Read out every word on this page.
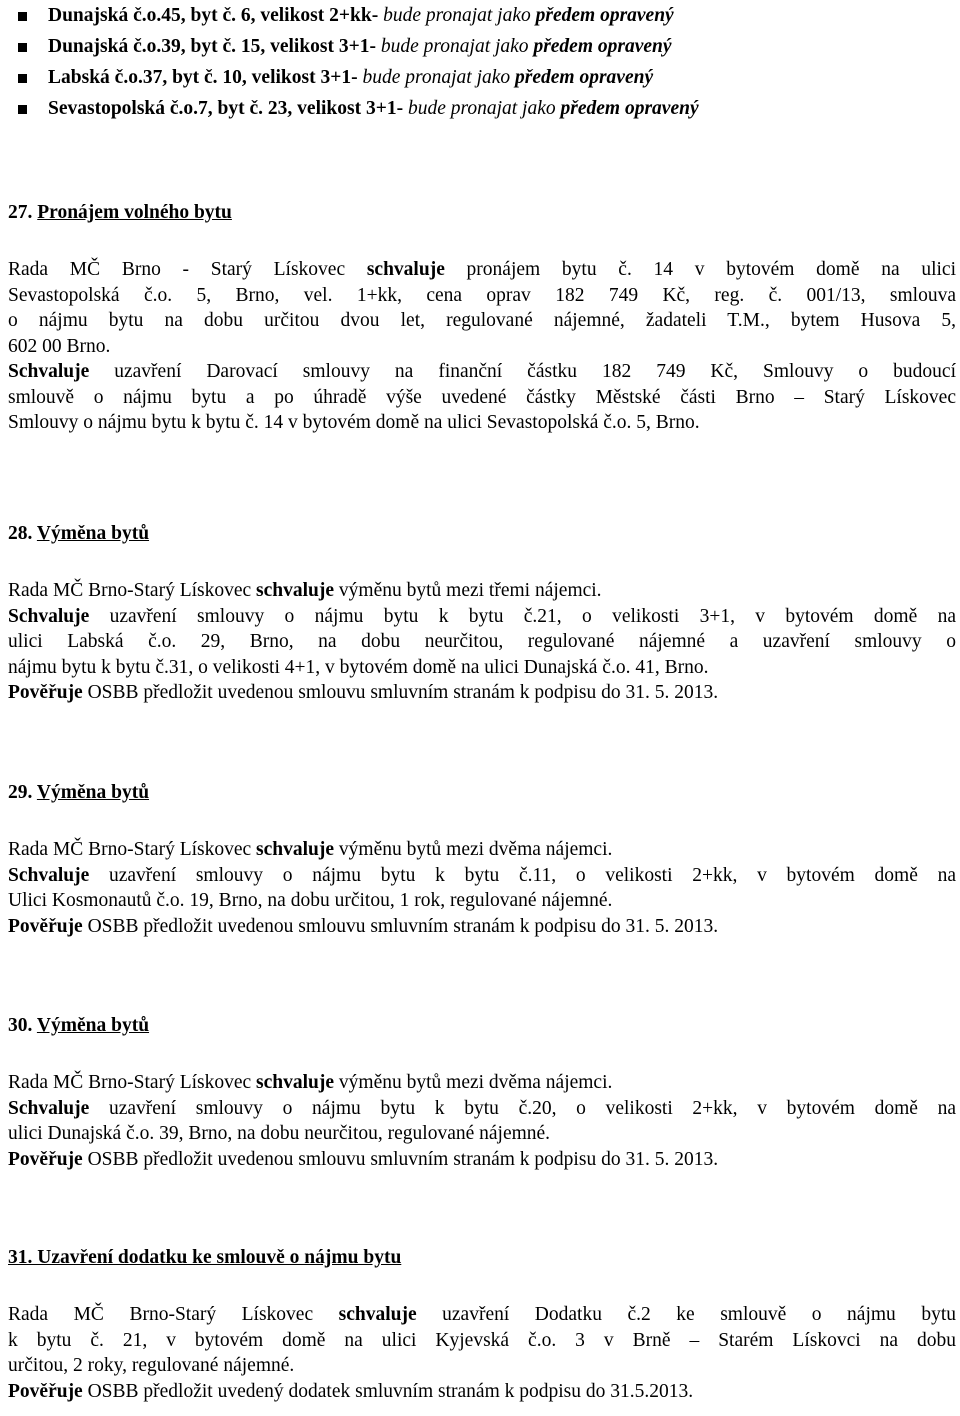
Dunajská č.o.45, byt č. 6, velikost 2+kk- bude pronajat jako předem opravený
Dunajská č.o.39, byt č. 15, velikost 3+1- bude pronajat jako předem opravený
Labská č.o.37, byt č. 10, velikost 3+1- bude pronajat jako předem opravený
Sevastopolská č.o.7, byt č. 23, velikost 3+1- bude pronajat jako předem opravený
27. Pronájem volného bytu

Rada MČ Brno - Starý Lískovec schvaluje pronájem bytu č. 14 v bytovém domě na ulici

Sevastopolská č.o. 5, Brno, vel. 1+kk, cena oprav 182 749 Kč, reg. č. 001/13, smlouva

o nájmu bytu na dobu určitou dvou let, regulované nájemné, žadateli T.M., bytem Husova 5,

602 00 Brno.

Schvaluje uzavření Darovací smlouvy na finanční částku 182 749 Kč, Smlouvy o budoucí

smlouvě o nájmu bytu a po úhradě výše uvedené částky Městské části Brno – Starý Lískovec

Smlouvy o nájmu bytu k bytu č. 14 v bytovém domě na ulici Sevastopolská č.o. 5, Brno.

28. Výměna bytů

Rada MČ Brno-Starý Lískovec schvaluje výměnu bytů mezi třemi nájemci.

Schvaluje uzavření smlouvy o nájmu bytu k bytu č.21, o velikosti 3+1, v bytovém domě na

ulici Labská č.o. 29, Brno, na dobu neurčitou, regulované nájemné a uzavření smlouvy o

nájmu bytu k bytu č.31, o velikosti 4+1, v bytovém domě na ulici Dunajská č.o. 41, Brno.

Pověřuje OSBB předložit uvedenou smlouvu smluvním stranám k podpisu do 31. 5. 2013.

29. Výměna bytů

Rada MČ Brno-Starý Lískovec schvaluje výměnu bytů mezi dvěma nájemci.

Schvaluje uzavření smlouvy o nájmu bytu k bytu č.11, o velikosti 2+kk, v bytovém domě na

Ulici Kosmonautů č.o. 19, Brno, na dobu určitou, 1 rok, regulované nájemné.

Pověřuje OSBB předložit uvedenou smlouvu smluvním stranám k podpisu do 31. 5. 2013.

30. Výměna bytů

Rada MČ Brno-Starý Lískovec schvaluje výměnu bytů mezi dvěma nájemci.

Schvaluje uzavření smlouvy o nájmu bytu k bytu č.20, o velikosti 2+kk, v bytovém domě na

ulici Dunajská č.o. 39, Brno, na dobu neurčitou, regulované nájemné.

Pověřuje OSBB předložit uvedenou smlouvu smluvním stranám k podpisu do 31. 5. 2013.

31. Uzavření dodatku ke smlouvě o nájmu bytu

Rada MČ Brno-Starý Lískovec schvaluje uzavření Dodatku č.2 ke smlouvě o nájmu bytu

k bytu č. 21, v bytovém domě na ulici Kyjevská č.o. 3 v Brně – Starém Lískovci na dobu

určitou, 2 roky, regulované nájemné.

Pověřuje OSBB předložit uvedený dodatek smluvním stranám k podpisu do 31.5.2013.
